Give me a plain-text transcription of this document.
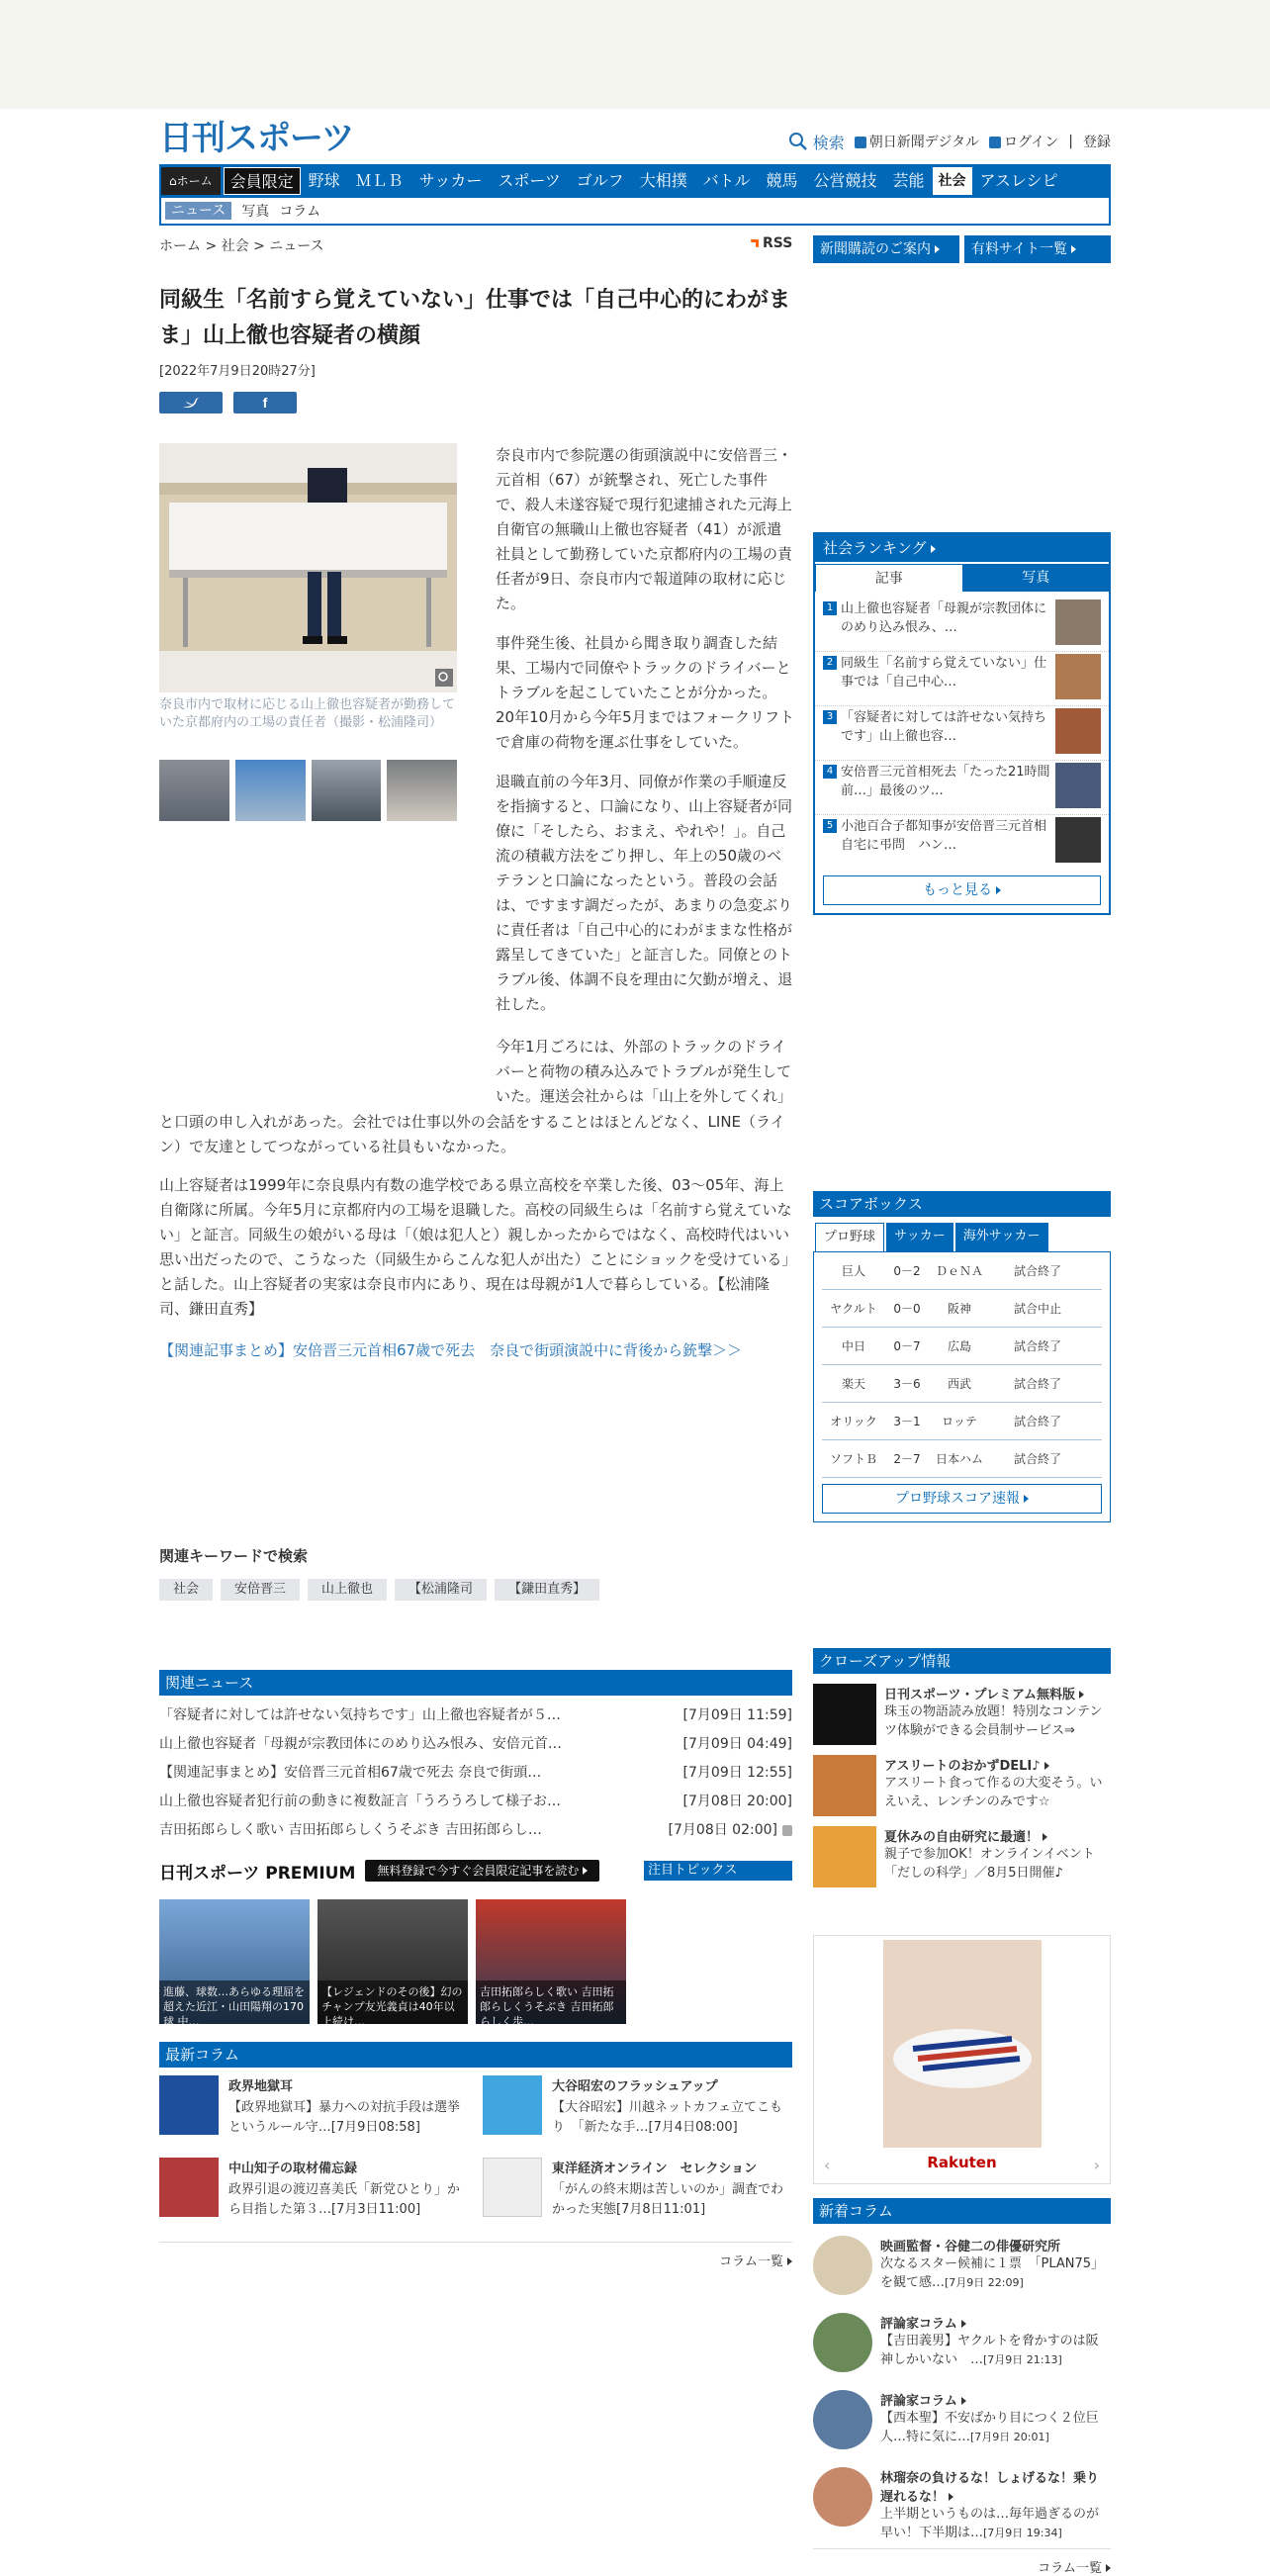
日刊スポーツ	検索	朝日新聞デジタル	ログイン | 登録
⌂ホーム	会員限定 野球	ＭＬＢ	サッカー	スポーツ	ゴルフ	大相撲	バトル	競馬	公営競技	芸能	社会 アスレシピ
ニュース	写真 コラム
ホーム > 社会 > ニュース	RSS
同級生「名前すら覚えていない」仕事では「自己中心的にわがまま」山上徹也容疑者の横顔
[2022年7月9日20時27分]
f
奈良市内で取材に応じる山上徹也容疑者が勤務していた京都府内の工場の責任者（撮影・松浦隆司）

奈良市内で参院選の街頭演説中に安倍晋三・元首相（67）が銃撃され、死亡した事件で、殺人未遂容疑で現行犯逮捕された元海上自衛官の無職山上徹也容疑者（41）が派遣社員として勤務していた京都府内の工場の責任者が9日、奈良市内で報道陣の取材に応じた。

事件発生後、社員から聞き取り調査した結果、工場内で同僚やトラックのドライバーとトラブルを起こしていたことが分かった。20年10月から今年5月まではフォークリフトで倉庫の荷物を運ぶ仕事をしていた。

退職直前の今年3月、同僚が作業の手順違反を指摘すると、口論になり、山上容疑者が同僚に「そしたら、おまえ、やれや！」。自己流の積載方法をごり押し、年上の50歳のベテランと口論になったという。普段の会話は、ですます調だったが、あまりの急変ぶりに責任者は「自己中心的にわがままな性格が露呈してきていた」と証言した。同僚とのトラブル後、体調不良を理由に欠勤が増え、退社した。

今年1月ごろには、外部のトラックのドライバーと荷物の積み込みでトラブルが発生していた。運送会社からは「山上を外してくれ」

と口頭の申し入れがあった。会社では仕事以外の会話をすることはほとんどなく、LINE（ライン）で友達としてつながっている社員もいなかった。

山上容疑者は1999年に奈良県内有数の進学校である県立高校を卒業した後、03～05年、海上自衛隊に所属。今年5月に京都府内の工場を退職した。高校の同級生らは「名前すら覚えていない」と証言。同級生の娘がいる母は「（娘は犯人と）親しかったからではなく、高校時代はいい思い出だったので、こうなった（同級生からこんな犯人が出た）ことにショックを受けている」と話した。山上容疑者の実家は奈良市内にあり、現在は母親が1人で暮らしている。【松浦隆司、鎌田直秀】

【関連記事まとめ】安倍晋三元首相67歳で死去　奈良で街頭演説中に背後から銃撃＞＞
関連キーワードで検索
社会	安倍晋三	山上徹也	【松浦隆司	【鎌田直秀】
関連ニュース
「容疑者に対しては許せない気持ちです」山上徹也容疑者が５…	[7月09日 11:59]
山上徹也容疑者「母親が宗教団体にのめり込み恨み、安倍元首…	[7月09日 04:49]
【関連記事まとめ】安倍晋三元首相67歳で死去 奈良で街頭…	[7月09日 12:55]
山上徹也容疑者犯行前の動きに複数証言「うろうろして様子お…	[7月08日 20:00]
吉田拓郎らしく歌い 吉田拓郎らしくうそぶき 吉田拓郎らし…	[7月08日 02:00]
日刊スポーツ PREMIUM	無料登録で今すぐ会員限定記事を読む	注目トピックス
進藤、球数…あらゆる理屈を超えた近江・山田陽翔の170球 中…
【レジェンドのその後】幻のチャンプ友光義貞は40年以上続け…
吉田拓郎らしく歌い 吉田拓郎らしくうそぶき 吉田拓郎らしく歩…
最新コラム
政界地獄耳

【政界地獄耳】暴力への対抗手段は選挙というルール守…[7月9日08:58]

大谷昭宏のフラッシュアップ

【大谷昭宏】川越ネットカフェ立てこもり　「新たな手…[7月4日08:00]

中山知子の取材備忘録

政界引退の渡辺喜美氏「新党ひとり」から目指した第３…[7月3日11:00]

東洋経済オンライン　セレクション

「がんの終末期は苦しいのか」調査でわかった実態[7月8日11:01]

コラム一覧
新聞購読のご案内	有料サイト一覧
社会ランキング
記事	写真
1 山上徹也容疑者「母親が宗教団体にのめり込み恨み、…
2 同級生「名前すら覚えていない」仕事では「自己中心…
3 「容疑者に対しては許せない気持ちです」山上徹也容…
4 安倍晋三元首相死去「たった21時間前…」最後のツ…
5 小池百合子都知事が安倍晋三元首相自宅に弔問　ハン…
もっと見る
スコアボックス
プロ野球	サッカー	海外サッカー
巨人	0－2	ＤｅＮＡ	試合終了
ヤクルト	0－0	阪神	試合中止
中日	0－7	広島	試合終了
楽天	3－6	西武	試合終了
オリック	3－1	ロッテ	試合終了
ソフトＢ	2－7	日本ハム	試合終了
プロ野球スコア速報
クローズアップ情報
日刊スポーツ・プレミアム無料版

珠玉の物語読み放題！特別なコンテンツ体験ができる会員制サービス⇒

アスリートのおかずDELI♪

アスリート食って作るの大変そう。いえいえ、レンチンのみです☆

夏休みの自由研究に最適！

親子で参加OK！オンラインイベント「だしの科学」／8月5日開催♪

Rakuten
‹	›
新着コラム
映画監督・谷健二の俳優研究所

次なるスター候補に１票　「PLAN75」を観て感…[7月9日 22:09]

評論家コラム

【吉田義男】ヤクルトを脅かすのは阪神しかいない　…[7月9日 21:13]

評論家コラム

【西本聖】不安ばかり目につく２位巨人…特に気に…[7月9日 20:01]

林瑠奈の負けるな！しょげるな！乗り遅れるな！

上半期というものは…毎年過ぎるのが早い！下半期は…[7月9日 19:34]

コラム一覧
